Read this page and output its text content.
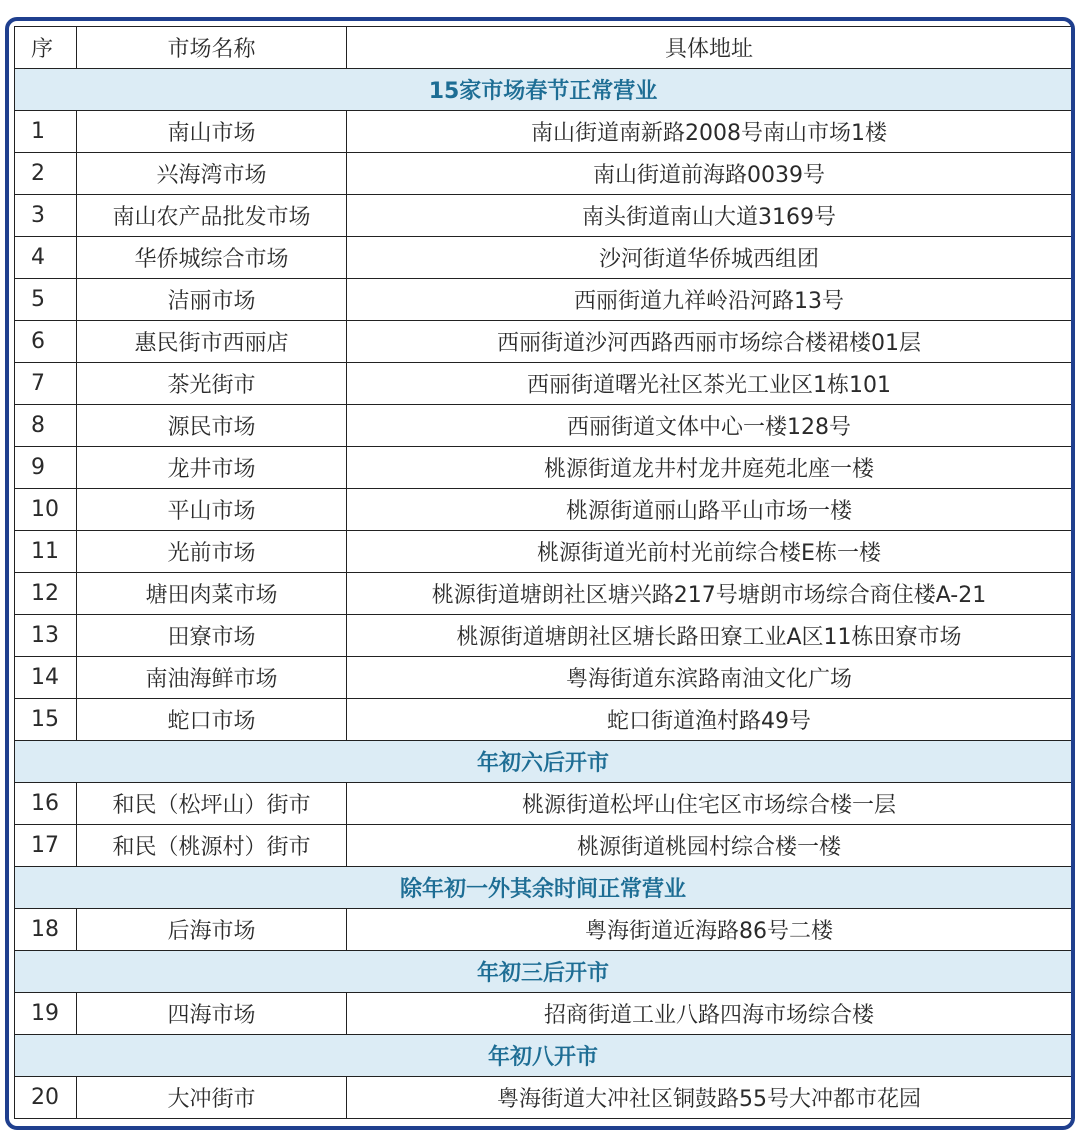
序	市场名称	具体地址
15家市场春节正常营业		
1	南山市场	南山街道南新路2008号南山市场1楼
2	兴海湾市场	南山街道前海路0039号
3	南山农产品批发市场	南头街道南山大道3169号
4	华侨城综合市场	沙河街道华侨城西组团
5	洁丽市场	西丽街道九祥岭沿河路13号
6	惠民街市西丽店	西丽街道沙河西路西丽市场综合楼裙楼01层
7	茶光街市	西丽街道曙光社区茶光工业区1栋101
8	源民市场	西丽街道文体中心一楼128号
9	龙井市场	桃源街道龙井村龙井庭苑北座一楼
10	平山市场	桃源街道丽山路平山市场一楼
11	光前市场	桃源街道光前村光前综合楼E栋一楼
12	塘田肉菜市场	桃源街道塘朗社区塘兴路217号塘朗市场综合商住楼A-21
13	田寮市场	桃源街道塘朗社区塘长路田寮工业A区11栋田寮市场
14	南油海鲜市场	粤海街道东滨路南油文化广场
15	蛇口市场	蛇口街道渔村路49号
年初六后开市		
16	和民（松坪山）街市	桃源街道松坪山住宅区市场综合楼一层
17	和民（桃源村）街市	桃源街道桃园村综合楼一楼
除年初一外其余时间正常营业		
18	后海市场	粤海街道近海路86号二楼
年初三后开市		
19	四海市场	招商街道工业八路四海市场综合楼
年初八开市		
20	大冲街市	粤海街道大冲社区铜鼓路55号大冲都市花园
